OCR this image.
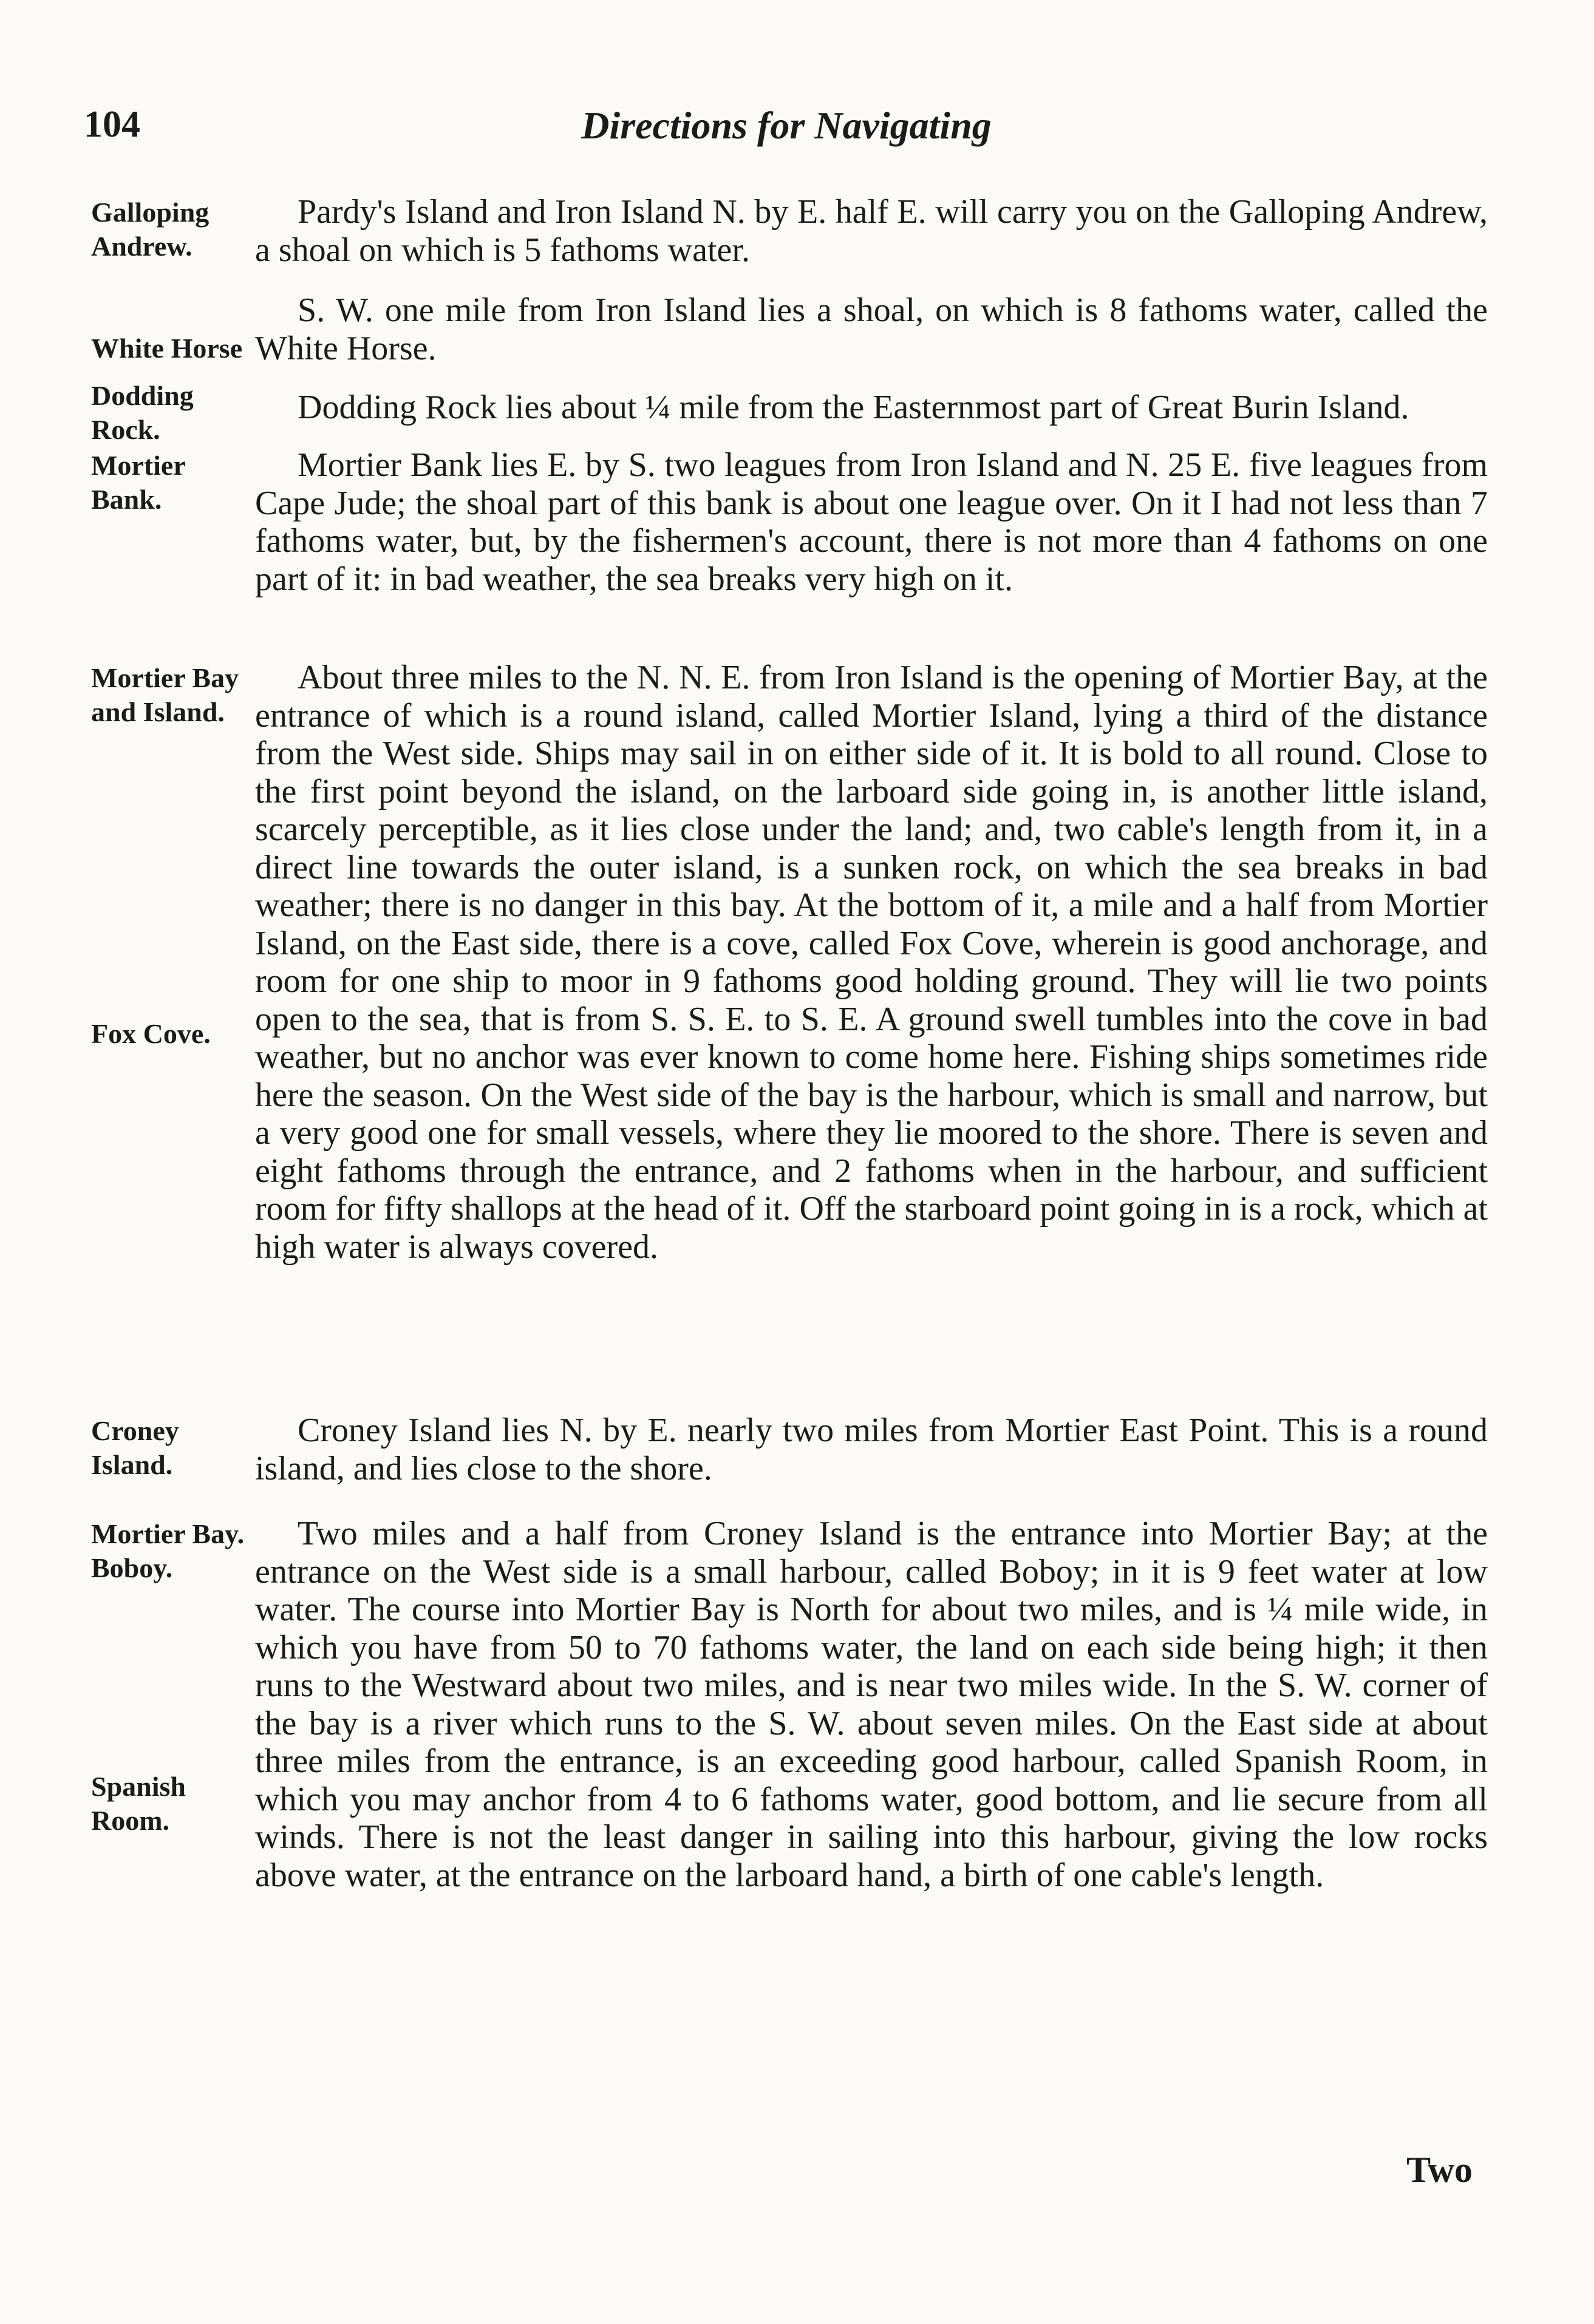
104	Directions for Navigating
Galloping
Andrew.

Pardy's Island and Iron Island N. by E. half E. will carry you on the Galloping Andrew, a shoal on which is 5 fathoms water.

White Horse

S. W. one mile from Iron Island lies a shoal, on which is 8 fathoms water, called the White Horse.

Dodding
Rock.

Dodding Rock lies about ¼ mile from the Easternmost part of Great Burin Island.

Mortier
Bank.

Mortier Bank lies E. by S. two leagues from Iron Island and N. 25 E. five leagues from Cape Jude; the shoal part of this bank is about one league over. On it I had not less than 7 fathoms water, but, by the fishermen's account, there is not more than 4 fathoms on one part of it: in bad weather, the sea breaks very high on it.

Mortier Bay
and Island.
Fox Cove.

About three miles to the N. N. E. from Iron Island is the opening of Mortier Bay, at the entrance of which is a round island, called Mortier Island, lying a third of the distance from the West side. Ships may sail in on either side of it. It is bold to all round. Close to the first point beyond the island, on the larboard side going in, is another little island, scarcely perceptible, as it lies close under the land; and, two cable's length from it, in a direct line towards the outer island, is a sunken rock, on which the sea breaks in bad weather; there is no danger in this bay. At the bottom of it, a mile and a half from Mortier Island, on the East side, there is a cove, called Fox Cove, wherein is good anchorage, and room for one ship to moor in 9 fathoms good holding ground. They will lie two points open to the sea, that is from S. S. E. to S. E. A ground swell tumbles into the cove in bad weather, but no anchor was ever known to come home here. Fishing ships sometimes ride here the season. On the West side of the bay is the harbour, which is small and narrow, but a very good one for small vessels, where they lie moored to the shore. There is seven and eight fathoms through the entrance, and 2 fathoms when in the harbour, and sufficient room for fifty shallops at the head of it. Off the starboard point going in is a rock, which at high water is always covered.

Croney
Island.

Croney Island lies N. by E. nearly two miles from Mortier East Point. This is a round island, and lies close to the shore.

Mortier Bay.
Boboy.
Spanish
Room.

Two miles and a half from Croney Island is the entrance into Mortier Bay; at the entrance on the West side is a small harbour, called Boboy; in it is 9 feet water at low water. The course into Mortier Bay is North for about two miles, and is ¼ mile wide, in which you have from 50 to 70 fathoms water, the land on each side being high; it then runs to the Westward about two miles, and is near two miles wide. In the S. W. corner of the bay is a river which runs to the S. W. about seven miles. On the East side at about three miles from the entrance, is an exceeding good harbour, called Spanish Room, in which you may anchor from 4 to 6 fathoms water, good bottom, and lie secure from all winds. There is not the least danger in sailing into this harbour, giving the low rocks above water, at the entrance on the larboard hand, a birth of one cable's length.

Two
